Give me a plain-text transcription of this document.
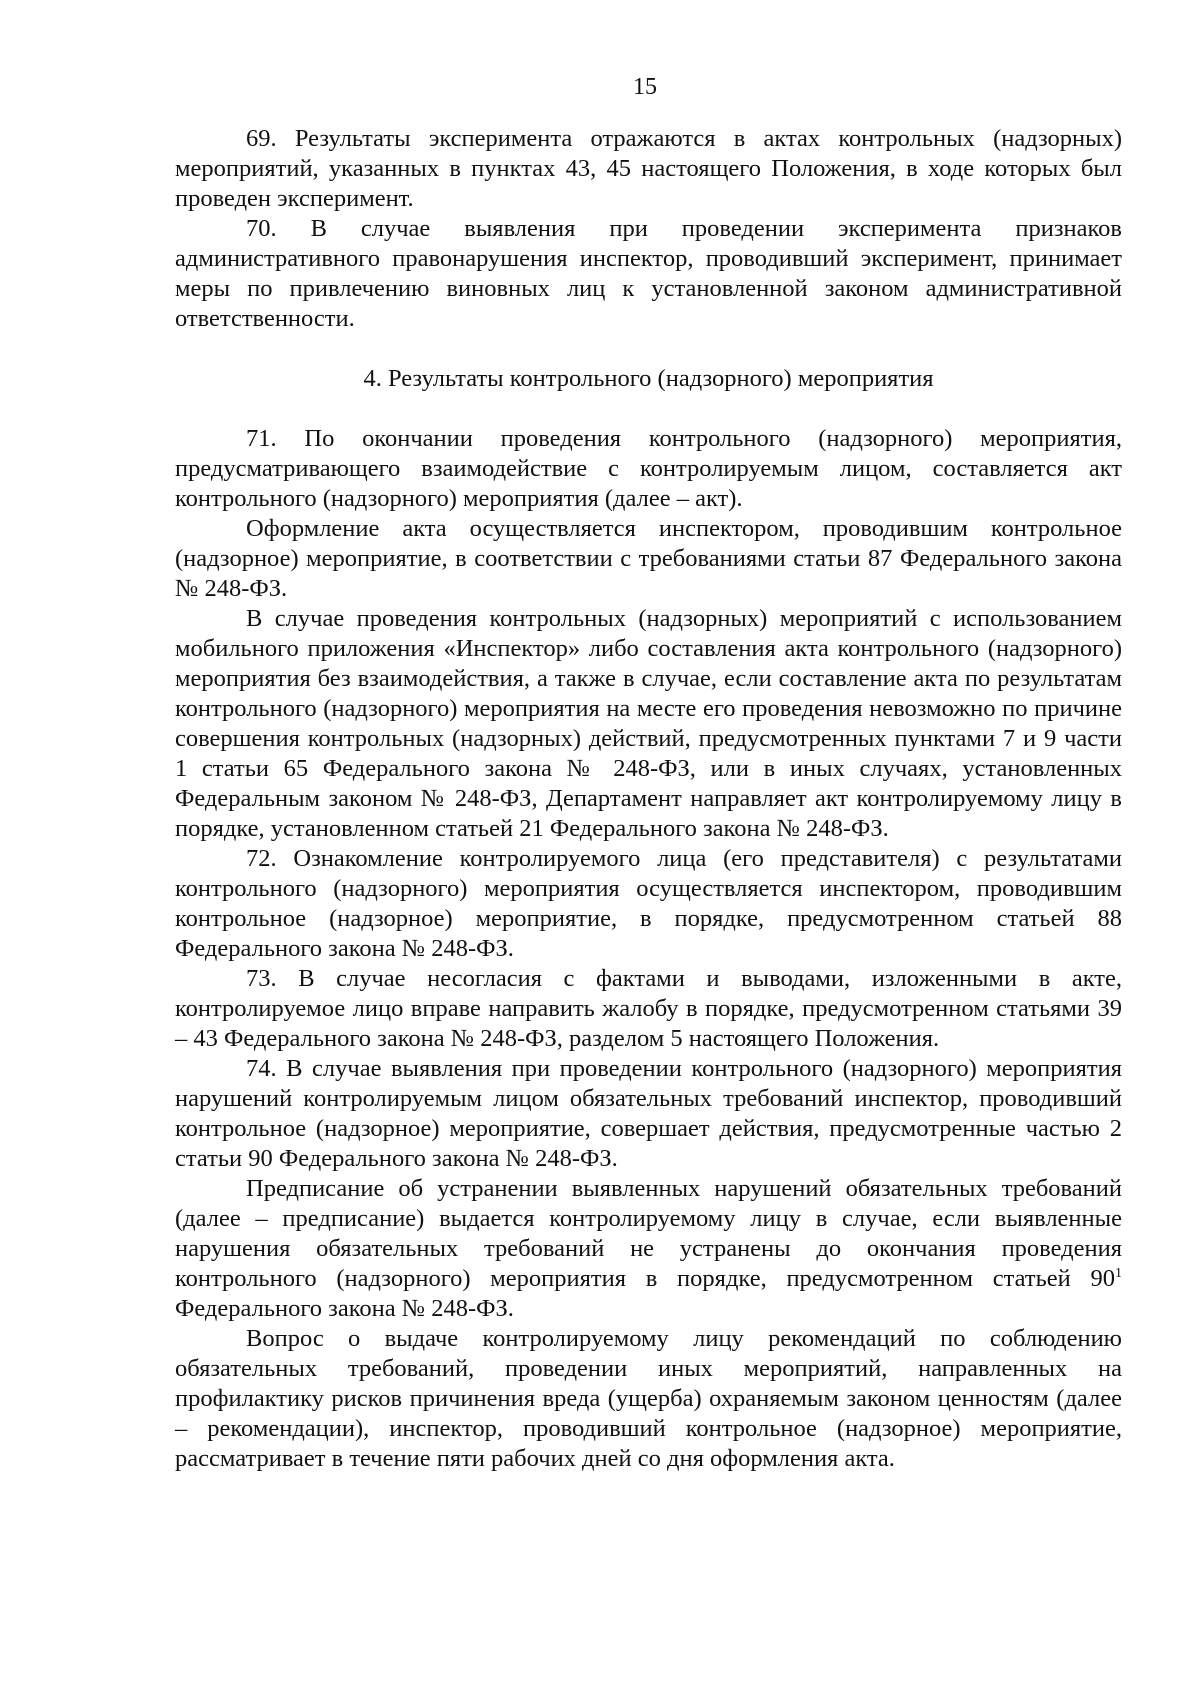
15

69. Результаты эксперимента отражаются в актах контрольных (надзорных) мероприятий, указанных в пунктах 43, 45 настоящего Положения, в ходе которых был проведен эксперимент.

70. В случае выявления при проведении эксперимента признаков административного правонарушения инспектор, проводивший эксперимент, принимает меры по привлечению виновных лиц к установленной законом административной ответственности.

4. Результаты контрольного (надзорного) мероприятия

71. По окончании проведения контрольного (надзорного) мероприятия, предусматривающего взаимодействие с контролируемым лицом, составляется акт контрольного (надзорного) мероприятия (далее – акт).

Оформление акта осуществляется инспектором, проводившим контрольное (надзорное) мероприятие, в соответствии с требованиями статьи 87 Федерального закона № 248-ФЗ.

В случае проведения контрольных (надзорных) мероприятий с использованием мобильного приложения «Инспектор» либо составления акта контрольного (надзорного) мероприятия без взаимодействия, а также в случае, если составление акта по результатам контрольного (надзорного) мероприятия на месте его проведения невозможно по причине совершения контрольных (надзорных) действий, предусмотренных пунктами 7 и 9 части 1 статьи 65 Федерального закона № 248-ФЗ, или в иных случаях, установленных Федеральным законом № 248-ФЗ, Департамент направляет акт контролируемому лицу в порядке, установленном статьей 21 Федерального закона № 248-ФЗ.

72. Ознакомление контролируемого лица (его представителя) с результатами контрольного (надзорного) мероприятия осуществляется инспектором, проводившим контрольное (надзорное) мероприятие, в порядке, предусмотренном статьей 88 Федерального закона № 248-ФЗ.

73. В случае несогласия с фактами и выводами, изложенными в акте, контролируемое лицо вправе направить жалобу в порядке, предусмотренном статьями 39 – 43 Федерального закона № 248-ФЗ, разделом 5 настоящего Положения.

74. В случае выявления при проведении контрольного (надзорного) мероприятия нарушений контролируемым лицом обязательных требований инспектор, проводивший контрольное (надзорное) мероприятие, совершает действия, предусмотренные частью 2 статьи 90 Федерального закона № 248-ФЗ.

Предписание об устранении выявленных нарушений обязательных требований (далее – предписание) выдается контролируемому лицу в случае, если выявленные нарушения обязательных требований не устранены до окончания проведения контрольного (надзорного) мероприятия в порядке, предусмотренном статьей $90^1$ Федерального закона № 248-ФЗ.

Вопрос о выдаче контролируемому лицу рекомендаций по соблюдению обязательных требований, проведении иных мероприятий, направленных на профилактику рисков причинения вреда (ущерба) охраняемым законом ценностям (далее – рекомендации), инспектор, проводивший контрольное (надзорное) мероприятие, рассматривает в течение пяти рабочих дней со дня оформления акта.
